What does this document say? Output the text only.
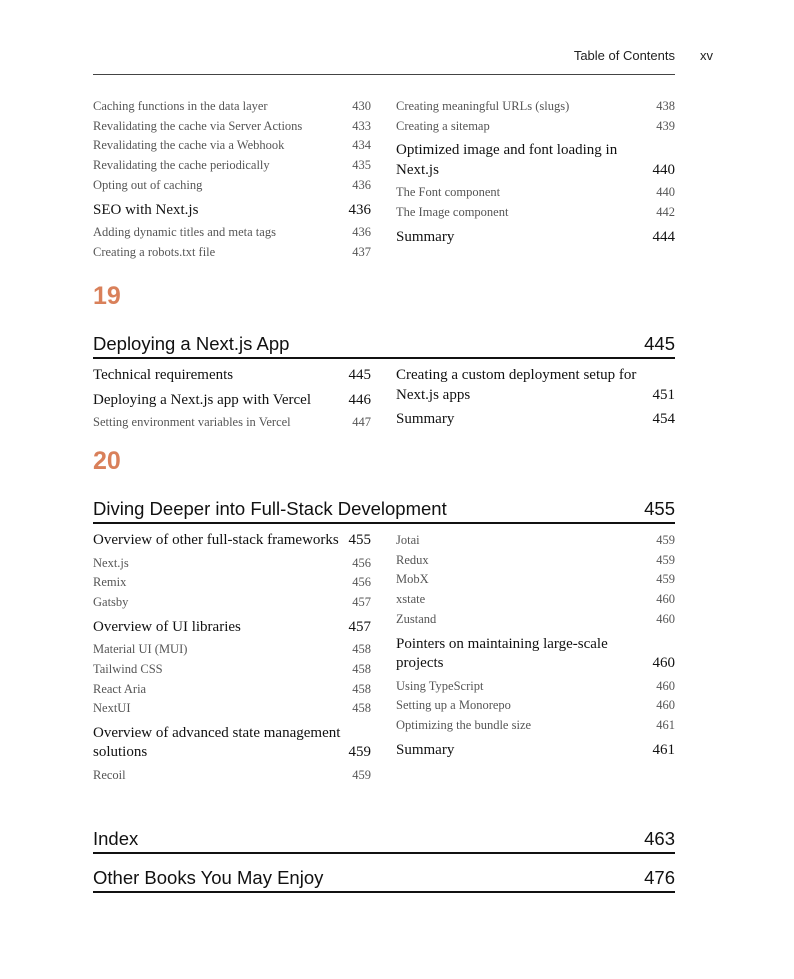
Table of Contents xv
Caching functions in the data layer	430
Revalidating the cache via Server Actions	433
Revalidating the cache via a Webhook	434
Revalidating the cache periodically	435
Opting out of caching	436
SEO with Next.js	436
Adding dynamic titles and meta tags	436
Creating a robots.txt file	437
Creating meaningful URLs (slugs)	438
Creating a sitemap	439
Optimized image and font loading in Next.js	440
The Font component	440
The Image component	442
Summary	444
19
Deploying a Next.js App	445
Technical requirements	445
Deploying a Next.js app with Vercel	446
Setting environment variables in Vercel	447
Creating a custom deployment setup for Next.js apps	451
Summary	454
20
Diving Deeper into Full-Stack Development	455
Overview of other full-stack frameworks 455
Next.js	456
Remix	456
Gatsby	457
Overview of UI libraries	457
Material UI (MUI)	458
Tailwind CSS	458
React Aria	458
NextUI	458
Overview of advanced state management solutions	459
Recoil	459
Jotai	459
Redux	459
MobX	459
xstate	460
Zustand	460
Pointers on maintaining large-scale projects	460
Using TypeScript	460
Setting up a Monorepo	460
Optimizing the bundle size	461
Summary	461
Index	463
Other Books You May Enjoy	476
